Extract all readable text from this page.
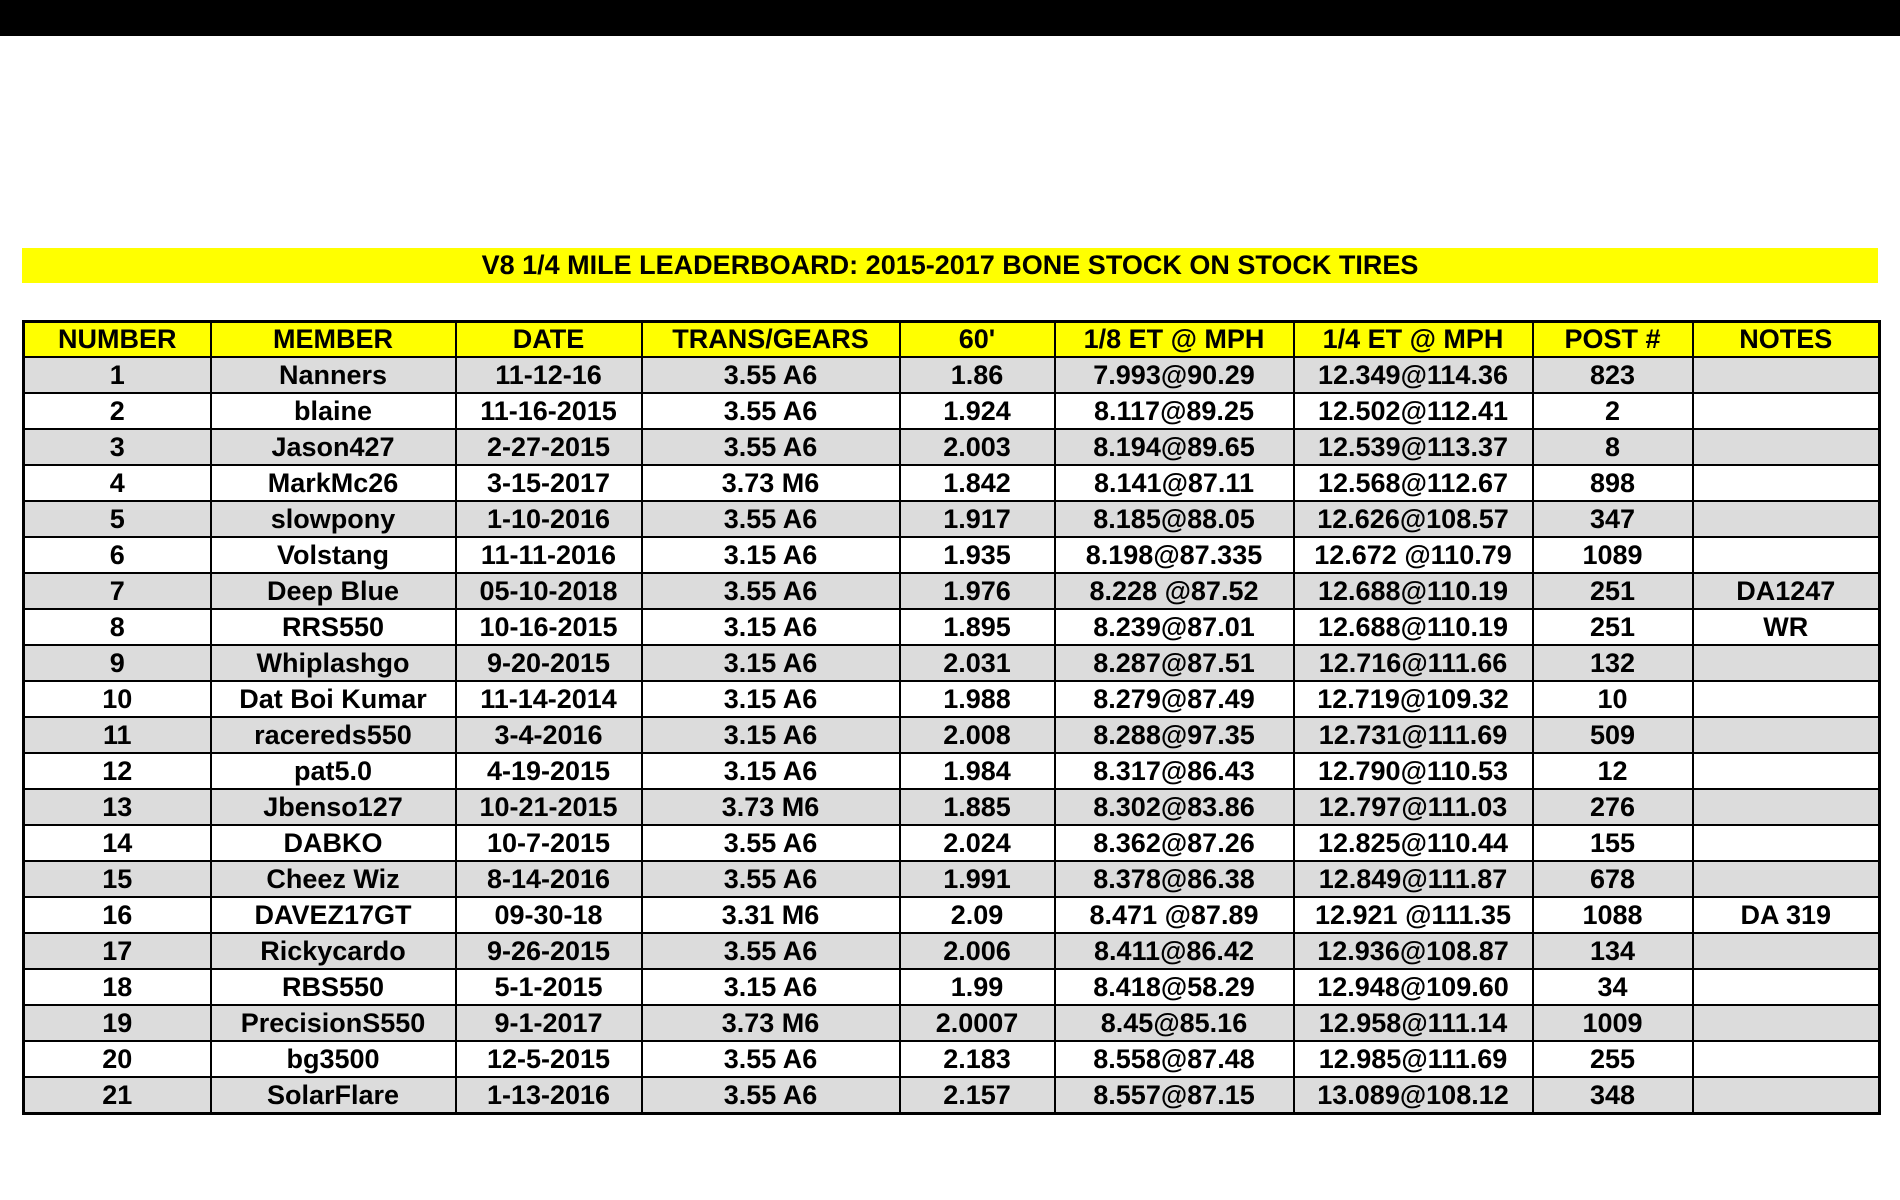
V8 1/4 MILE LEADERBOARD: 2015-2017 BONE STOCK ON STOCK TIRES
NUMBER	MEMBER	DATE	TRANS/GEARS	60'	1/8 ET @ MPH	1/4 ET @ MPH	POST #	NOTES
1	Nanners	11-12-16	3.55 A6	1.86	7.993@90.29	12.349@114.36	823	
2	blaine	11-16-2015	3.55 A6	1.924	8.117@89.25	12.502@112.41	2	
3	Jason427	2-27-2015	3.55 A6	2.003	8.194@89.65	12.539@113.37	8	
4	MarkMc26	3-15-2017	3.73 M6	1.842	8.141@87.11	12.568@112.67	898	
5	slowpony	1-10-2016	3.55 A6	1.917	8.185@88.05	12.626@108.57	347	
6	Volstang	11-11-2016	3.15 A6	1.935	8.198@87.335	12.672 @110.79	1089	
7	Deep Blue	05-10-2018	3.55 A6	1.976	8.228 @87.52	12.688@110.19	251	DA1247
8	RRS550	10-16-2015	3.15 A6	1.895	8.239@87.01	12.688@110.19	251	WR
9	Whiplashgo	9-20-2015	3.15 A6	2.031	8.287@87.51	12.716@111.66	132	
10	Dat Boi Kumar	11-14-2014	3.15 A6	1.988	8.279@87.49	12.719@109.32	10	
11	racereds550	3-4-2016	3.15 A6	2.008	8.288@97.35	12.731@111.69	509	
12	pat5.0	4-19-2015	3.15 A6	1.984	8.317@86.43	12.790@110.53	12	
13	Jbenso127	10-21-2015	3.73 M6	1.885	8.302@83.86	12.797@111.03	276	
14	DABKO	10-7-2015	3.55 A6	2.024	8.362@87.26	12.825@110.44	155	
15	Cheez Wiz	8-14-2016	3.55 A6	1.991	8.378@86.38	12.849@111.87	678	
16	DAVEZ17GT	09-30-18	3.31 M6	2.09	8.471 @87.89	12.921 @111.35	1088	DA 319
17	Rickycardo	9-26-2015	3.55 A6	2.006	8.411@86.42	12.936@108.87	134	
18	RBS550	5-1-2015	3.15 A6	1.99	8.418@58.29	12.948@109.60	34	
19	PrecisionS550	9-1-2017	3.73 M6	2.0007	8.45@85.16	12.958@111.14	1009	
20	bg3500	12-5-2015	3.55 A6	2.183	8.558@87.48	12.985@111.69	255	
21	SolarFlare	1-13-2016	3.55 A6	2.157	8.557@87.15	13.089@108.12	348	
